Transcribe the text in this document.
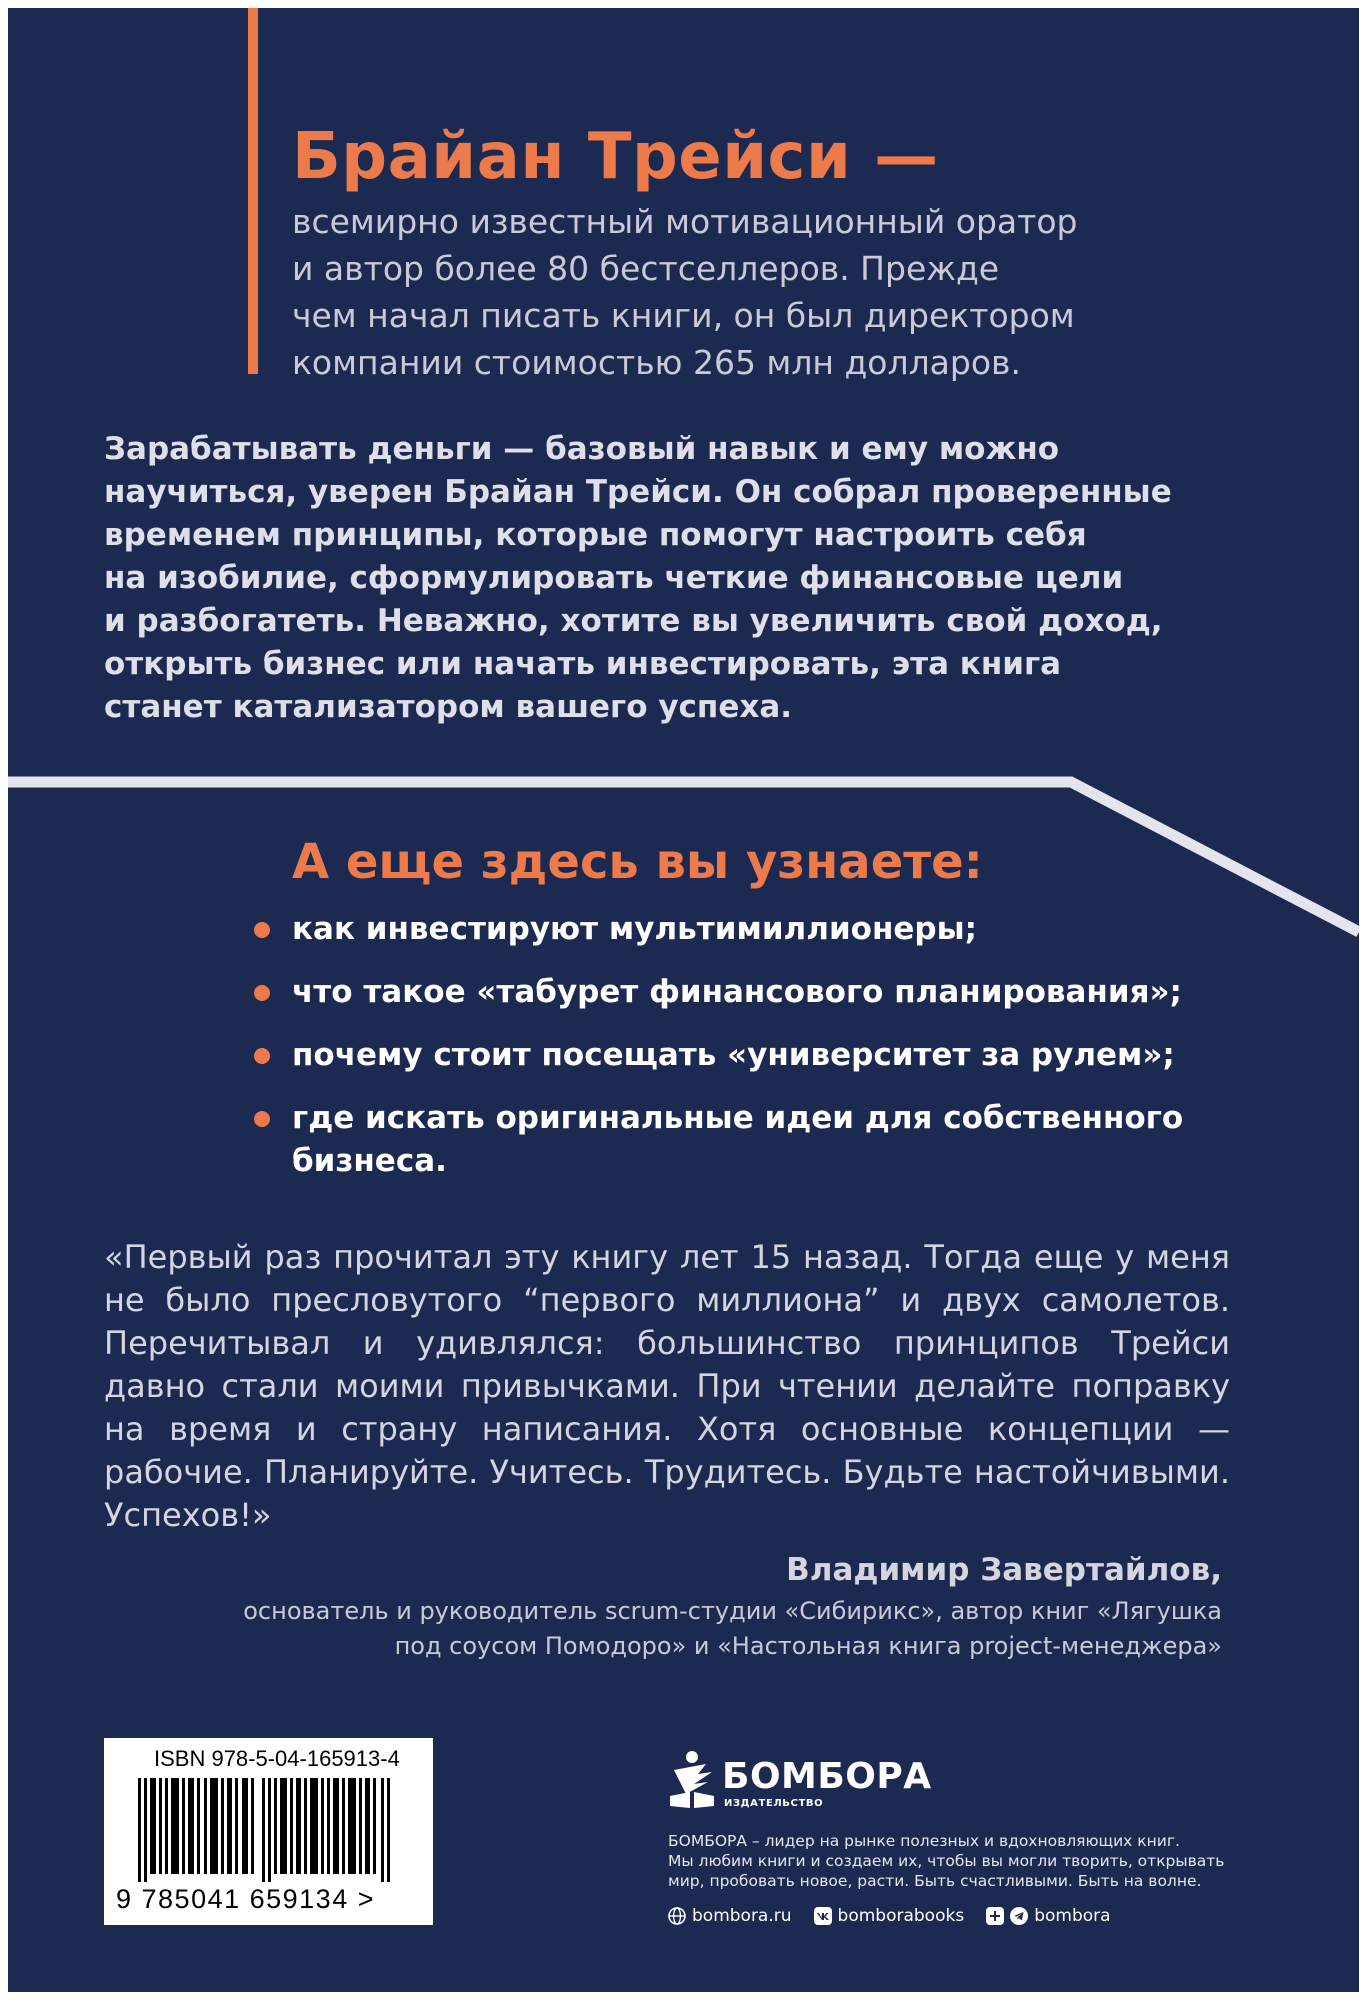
Брайан Трейси —
всемирно известный мотивационный оратор
и автор более 80 бестселлеров. Прежде
чем начал писать книги, он был директором
компании стоимостью 265 млн долларов.
Зарабатывать деньги — базовый навык и ему можно
научиться, уверен Брайан Трейси. Он собрал проверенные
временем принципы, которые помогут настроить себя
на изобилие, сформулировать четкие финансовые цели
и разбогатеть. Неважно, хотите вы увеличить свой доход,
открыть бизнес или начать инвестировать, эта книга
станет катализатором вашего успеха.
А еще здесь вы узнаете:
как инвестируют мультимиллионеры;
что такое «табурет финансового планирования»;
почему стоит посещать «университет за рулем»;
где искать оригинальные идеи для собственного
бизнеса.
«Первый раз прочитал эту книгу лет 15 назад. Тогда еще у меня
не было пресловутого “первого миллиона” и двух самолетов.
Перечитывал и удивлялся: большинство принципов Трейси
давно стали моими привычками. При чтении делайте поправку
на время и страну написания. Хотя основные концепции —
рабочие. Планируйте. Учитесь. Трудитесь. Будьте настойчивыми.
Успехов!»
Владимир Завертайлов,
основатель и руководитель scrum-студии «Сибирикс», автор книг «Лягушка
под соусом Помодоро» и «Настольная книга project-менеджера»
ISBN 978-5-04-165913-4
9 785041 659134 >
БОМБОРА
ИЗДАТЕЛЬСТВО
БОМБОРА – лидер на рынке полезных и вдохновляющих книг.
Мы любим книги и создаем их, чтобы вы могли творить, открывать
мир, пробовать новое, расти. Быть счастливыми. Быть на волне.
bombora.ru	bomborabooks	bombora
